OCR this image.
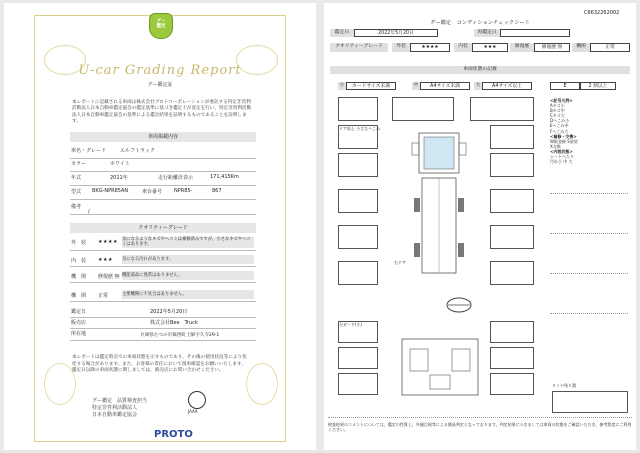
グー
鑑定
U-car Grading Report
グー鑑定証
本レポートに記載される車両は株式会社プロトコーポレーションが委託する特定非営利活動法人日本自動車鑑定協会の鑑定基準に基づき鑑定士が査定を行い、特定非営利活動法人日本自動車鑑定協会の基準による鑑定結果を証明するものであることを証明します。
車両掲載内容
車名・グレード	エルフトラック
カラー	ホワイト
年式	2011年	走行距離計表示	171,415Km
型式 BKG-NPR85AN	車台番号 NPR85-	867
備考
/
クオリティーグレード
外　装 ★★★★ 気になるようなキズやヘコミは補修済みですが、小さなキズやヘコミはあります。
内　装 ★★★ 気になる汚れがあります。
機　関 修復歴 無 機能部品に異常はありません。
機　関 正常	主要機関に不具合はありません。
鑑定日	2022年5月20日
販売店	株式会社Bee　Truck
所在地	兵庫県たつの市揖西町土師字久寺29-1
本レポートは鑑定時点での車両状態を示すものであり、その後の使用状況等により変化する場合があります。また、お客様の責任において現車確認をお願いいたします。鑑定日以降の車両状態に関しましては、販売店にお問い合わせください。
グー鑑定　品質検査担当
特定非営利活動法人
日本自動車鑑定協会
JAAA
PROTO
C6632262002
グー鑑定　コンディションチェックシート
鑑定日	2022年5月20日	再鑑定日
クオリティーグレード	外装	★★★★	内装	★★★	修復歴	修復歴 無	機関	正常
車両状態の記載
小	カードサイズ未満	中	A4サイズ未満	大	A4サイズ以上	E	2 割以上
ドア前上 小さなへこみ
右ドア
左ガード(小)
<記号凡例>
Aキズ小
Bキズ中
Cキズ大
Dへこみ小
Eへこみ中
Fへこみ大
<補修・交換>
W板金跡 S塗装
X交換
<内装状態>
シートへたり
汚れ小 中 大
タイヤ残り溝
検査結果のコメントについては、鑑定の性質上、外観目視等による簡易判定となっております。判定結果につきましては車両の状態をご確認いただき、参考程度にご利用ください。
